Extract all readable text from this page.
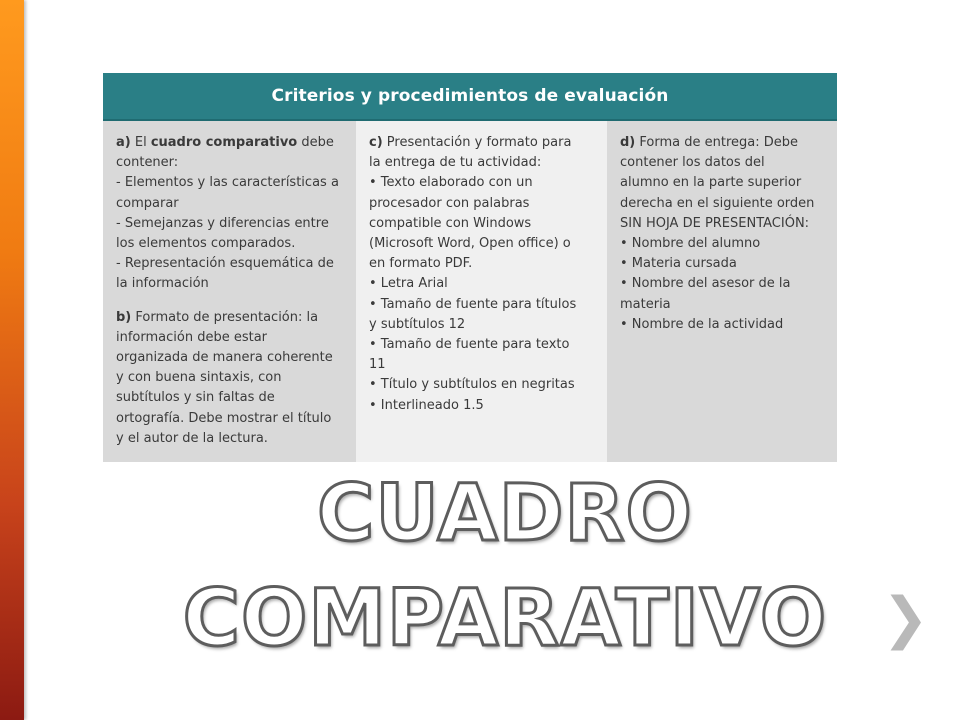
Criterios y procedimientos de evaluación

a) El cuadro comparativo debe

contener:

- Elementos y las características a

comparar

- Semejanzas y diferencias entre

los elementos comparados.

- Representación esquemática de

la información

b) Formato de presentación: la

información debe estar

organizada de manera coherente

y con buena sintaxis, con

subtítulos y sin faltas de

ortografía. Debe mostrar el título

y el autor de la lectura.

c) Presentación y formato para

la entrega de tu actividad:

• Texto elaborado con un

procesador con palabras

compatible con Windows

(Microsoft Word, Open office) o

en formato PDF.

• Letra Arial

• Tamaño de fuente para títulos

y subtítulos 12

• Tamaño de fuente para texto

11

• Título y subtítulos en negritas

• Interlineado 1.5

d) Forma de entrega: Debe

contener los datos del

alumno en la parte superior

derecha en el siguiente orden

SIN HOJA DE PRESENTACIÓN:

• Nombre del alumno

• Materia cursada

• Nombre del asesor de la

materia

• Nombre de la actividad

CUADRO
COMPARATIVO ❯
